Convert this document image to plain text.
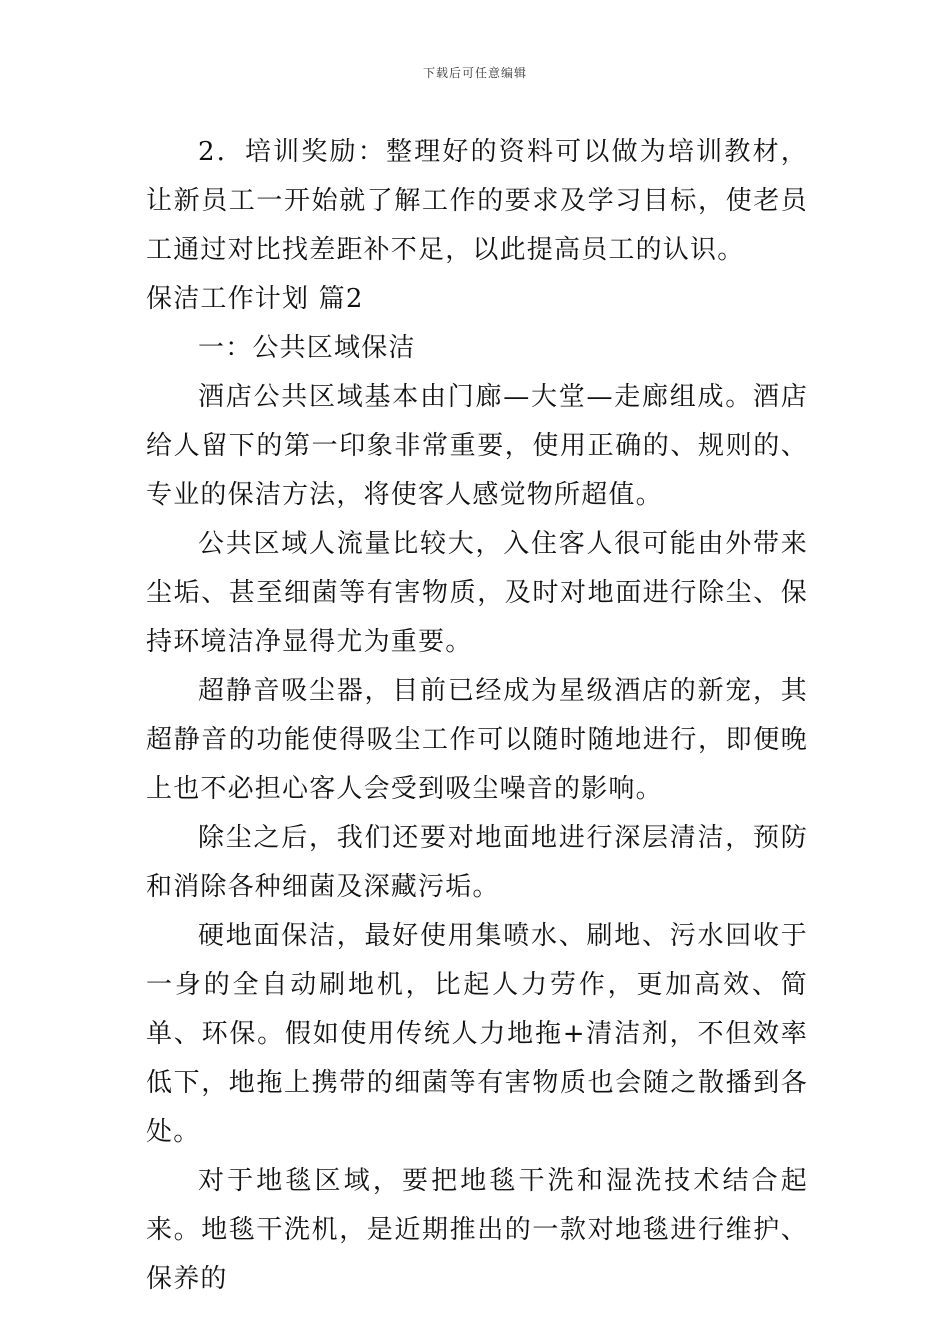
下载后可任意编辑

2．培训奖励：整理好的资料可以做为培训教材，让新员工一开始就了解工作的要求及学习目标，使老员工通过对比找差距补不足，以此提高员工的认识。

保洁工作计划 篇2

一：公共区域保洁

酒店公共区域基本由门廊—大堂—走廊组成。酒店给人留下的第一印象非常重要，使用正确的、规则的、专业的保洁方法，将使客人感觉物所超值。

公共区域人流量比较大，入住客人很可能由外带来尘垢、甚至细菌等有害物质，及时对地面进行除尘、保持环境洁净显得尤为重要。

超静音吸尘器，目前已经成为星级酒店的新宠，其超静音的功能使得吸尘工作可以随时随地进行，即便晚上也不必担心客人会受到吸尘噪音的影响。

除尘之后，我们还要对地面地进行深层清洁，预防和消除各种细菌及深藏污垢。

硬地面保洁，最好使用集喷水、刷地、污水回收于一身的全自动刷地机，比起人力劳作，更加高效、简单、环保。假如使用传统人力地拖+清洁剂，不但效率低下，地拖上携带的细菌等有害物质也会随之散播到各处。

对于地毯区域，要把地毯干洗和湿洗技术结合起来。地毯干洗机，是近期推出的一款对地毯进行维护、保养的
